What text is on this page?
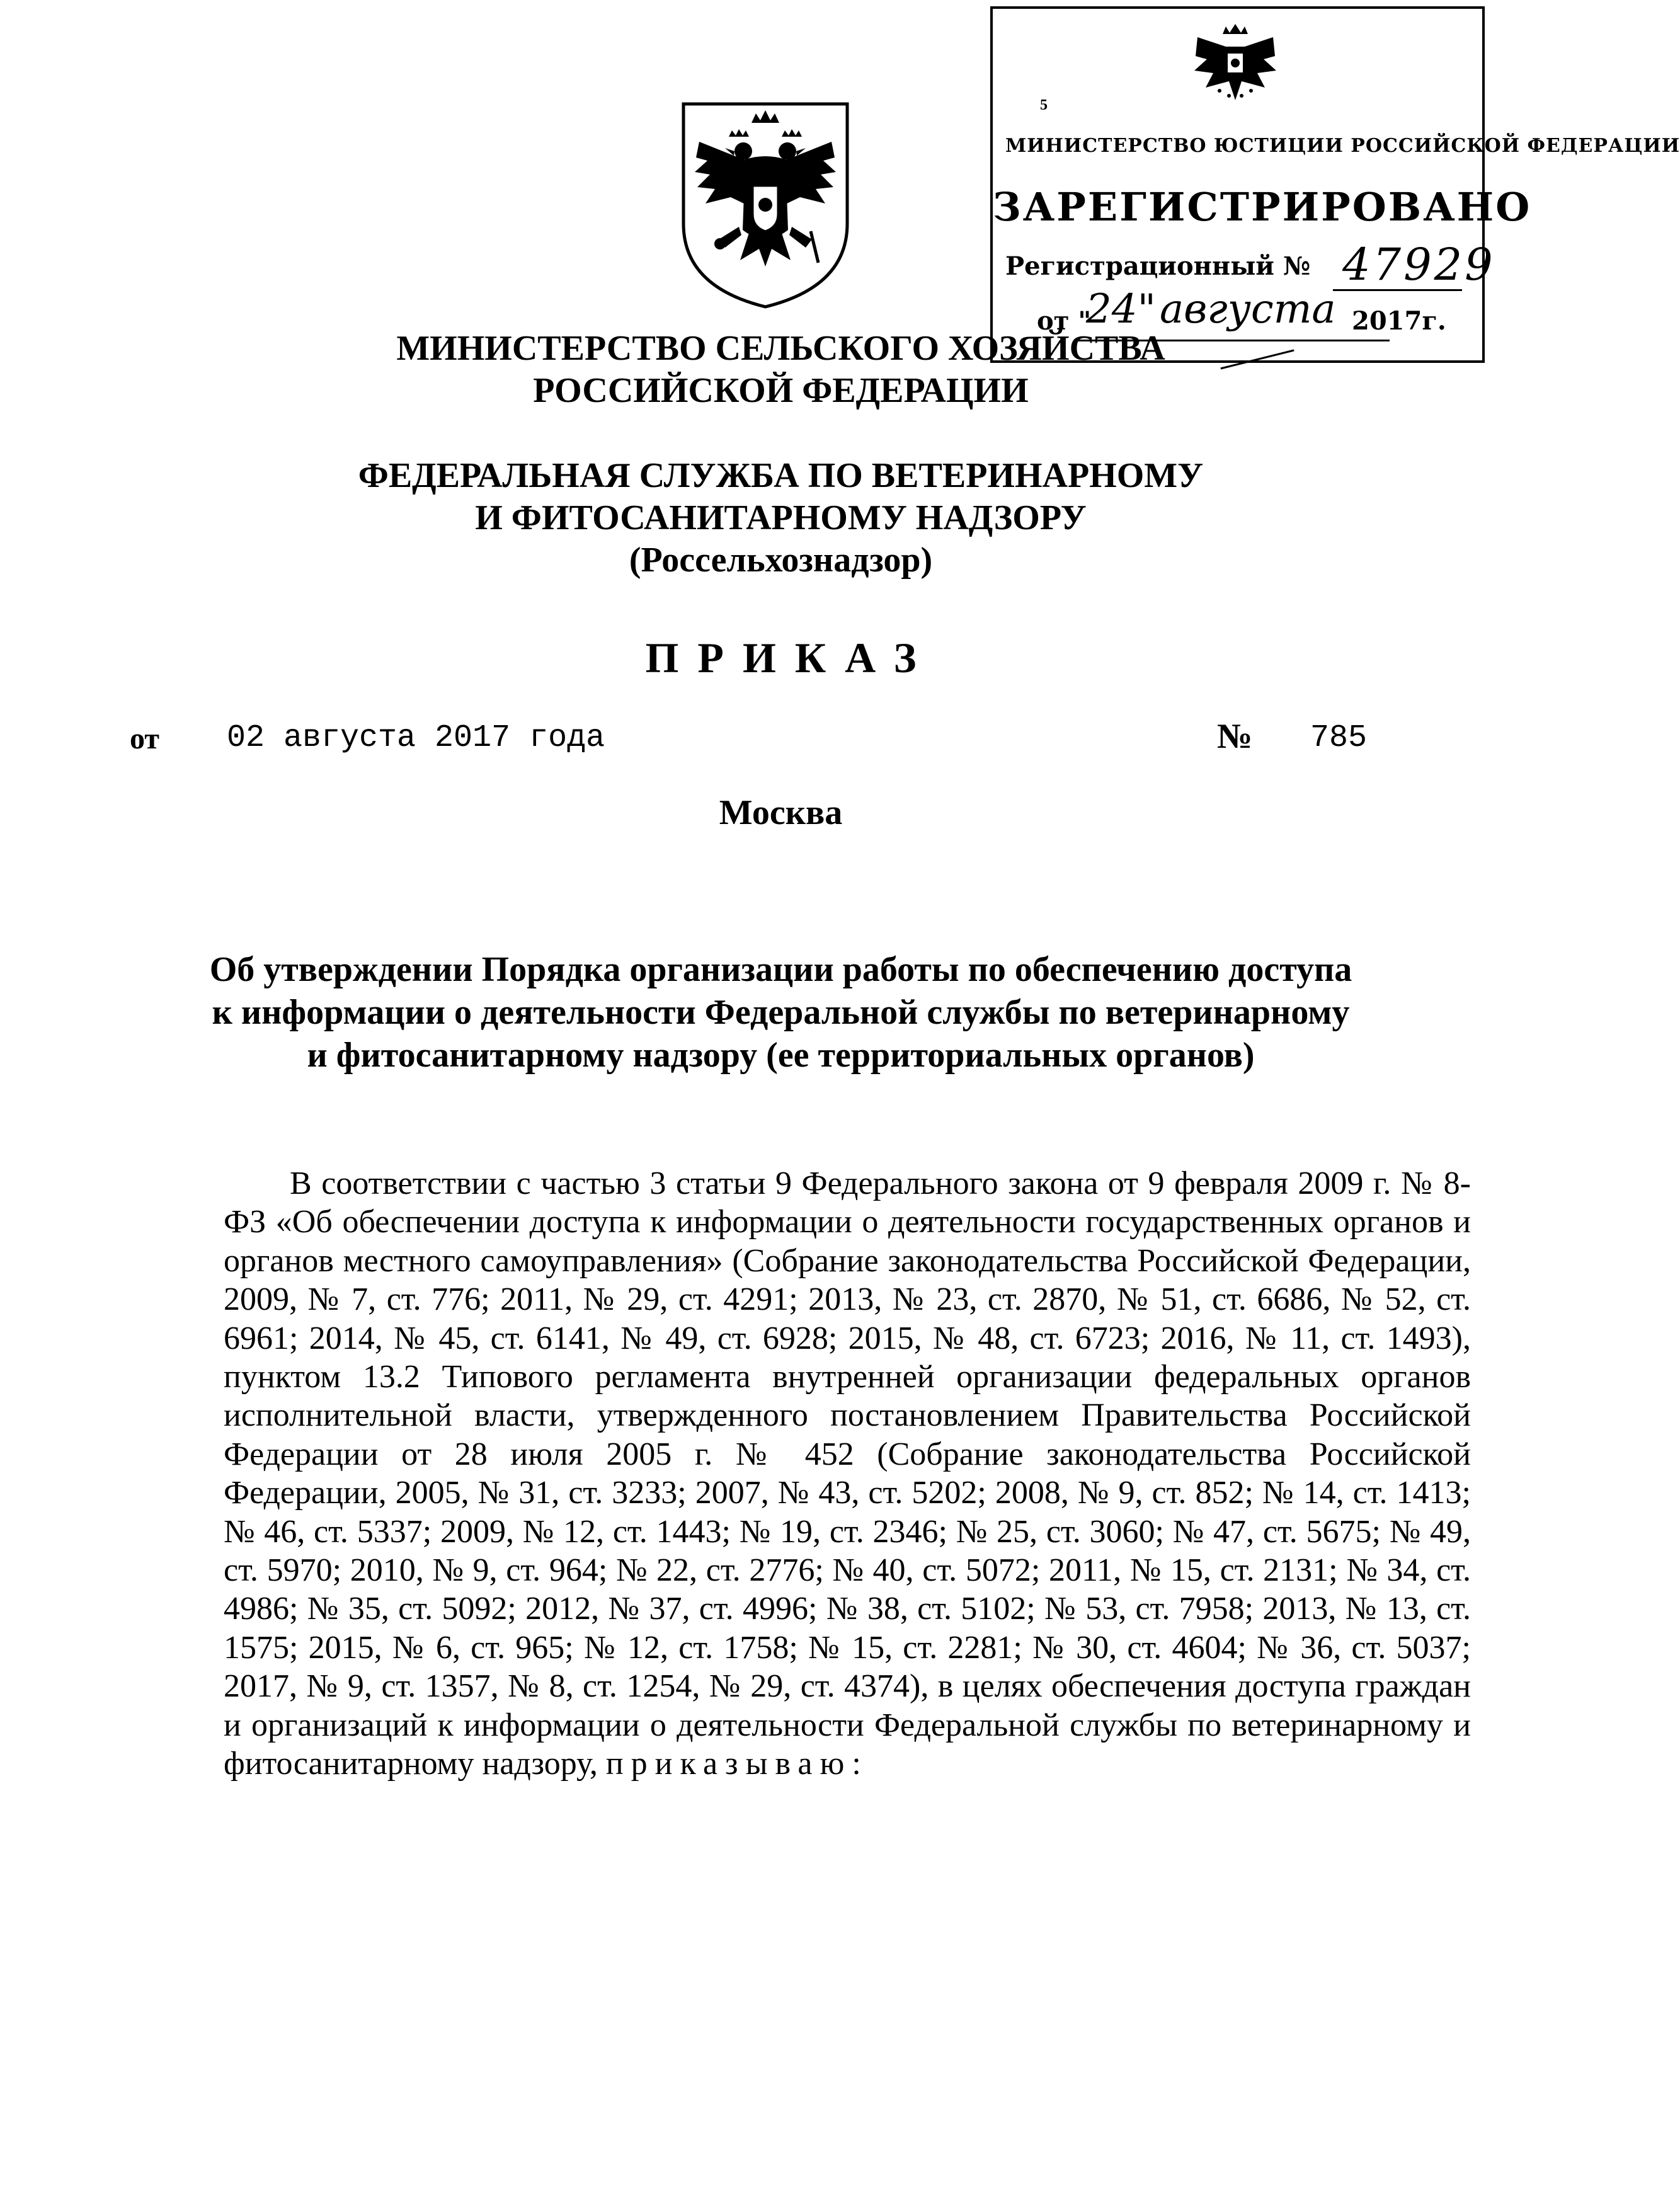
5
МИНИСТЕРСТВО ЮСТИЦИИ РОССИЙСКОЙ ФЕДЕРАЦИИ
ЗАРЕГИСТРИРОВАНО
Регистрационный № 47929
от "
24" августа 2017г.
МИНИСТЕРСТВО СЕЛЬСКОГО ХОЗЯЙСТВА
РОССИЙСКОЙ ФЕДЕРАЦИИ
ФЕДЕРАЛЬНАЯ СЛУЖБА ПО ВЕТЕРИНАРНОМУ
И ФИТОСАНИТАРНОМУ НАДЗОРУ
(Россельхознадзор)
ПРИКАЗ
от 02 августа 2017 года	№ 785
Москва
Об утверждении Порядка организации работы по обеспечению доступа
к информации о деятельности Федеральной службы по ветеринарному
и фитосанитарному надзору (ее территориальных органов)
В соответствии с частью 3 статьи 9 Федерального закона от 9 февраля 2009 г. № 8-ФЗ «Об обеспечении доступа к информации о деятельности государственных органов и органов местного самоуправления» (Собрание законодательства Российской Федерации, 2009, № 7, ст. 776; 2011, № 29, ст. 4291; 2013, № 23, ст. 2870, № 51, ст. 6686, № 52, ст. 6961; 2014, № 45, ст. 6141, № 49, ст. 6928; 2015, № 48, ст. 6723; 2016, № 11, ст. 1493), пунктом 13.2 Типового регламента внутренней организации федеральных органов исполнительной власти, утвержденного постановлением Правительства Российской Федерации от 28 июля 2005 г. № 452 (Собрание законодательства Российской Федерации, 2005, № 31, ст. 3233; 2007, № 43, ст. 5202; 2008, № 9, ст. 852; № 14, ст. 1413; № 46, ст. 5337; 2009, № 12, ст. 1443; № 19, ст. 2346; № 25, ст. 3060; № 47, ст. 5675; № 49, ст. 5970; 2010, № 9, ст. 964; № 22, ст. 2776; № 40, ст. 5072; 2011, № 15, ст. 2131; № 34, ст. 4986; № 35, ст. 5092; 2012, № 37, ст. 4996; № 38, ст. 5102; № 53, ст. 7958; 2013, № 13, ст. 1575; 2015, № 6, ст. 965; № 12, ст. 1758; № 15, ст. 2281; № 30, ст. 4604; № 36, ст. 5037; 2017, № 9, ст. 1357, № 8, ст. 1254, № 29, ст. 4374), в целях обеспечения доступа граждан и организаций к информации о деятельности Федеральной службы по ветеринарному и фитосанитарному надзору, приказываю:
